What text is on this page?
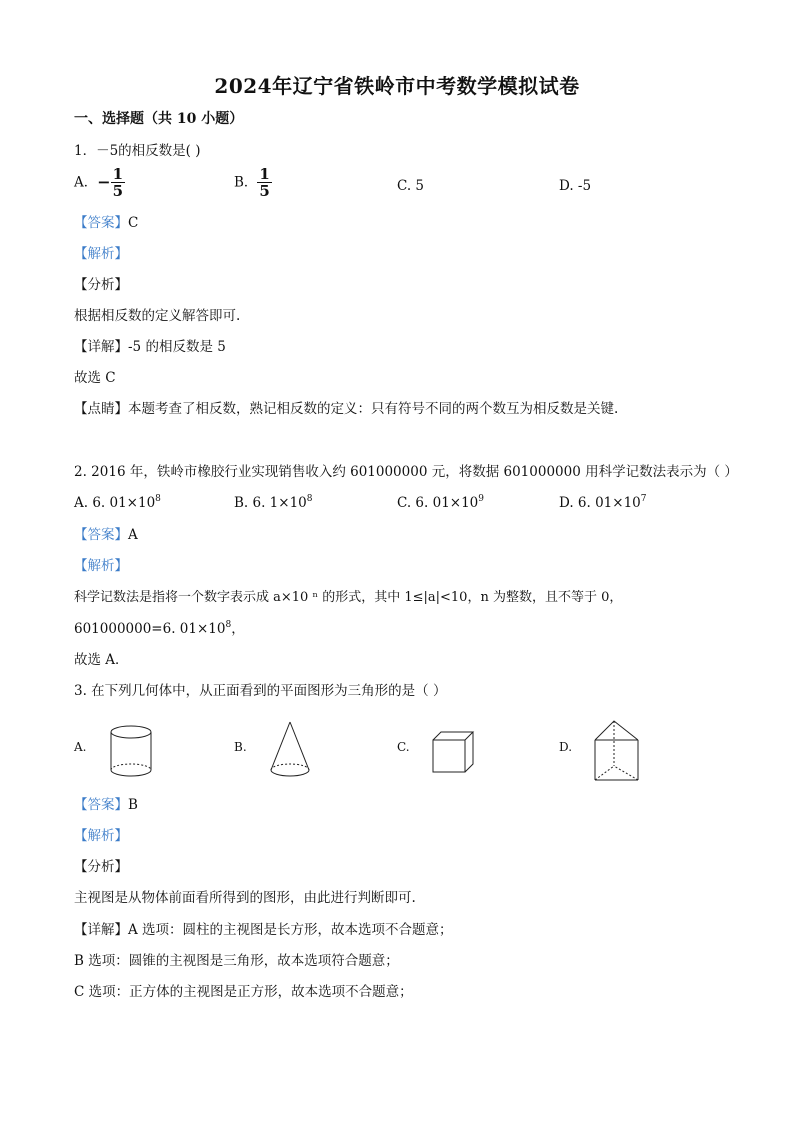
2024年辽宁省铁岭市中考数学模拟试卷
一、选择题（共 10 小题）
1．－5的相反数是( )
A．− $\frac{1}{5}$	B． $\frac{1}{5}$	C. 5	D. -5
【答案】C
【解析】
【分析】
根据相反数的定义解答即可.
【详解】-5 的相反数是 5
故选 C
【点睛】本题考查了相反数，熟记相反数的定义：只有符号不同的两个数互为相反数是关键.
2. 2016 年，铁岭市橡胶行业实现销售收入约 601000000 元，将数据 601000000 用科学记数法表示为（ ）
A. 6. $01\times 10^8$	B. 6. $1\times 10^8$	C. 6. $01\times 10^9$	D. 6. $01\times 10^7$
【答案】A
【解析】
科学记数法是指将一个数字表示成 a×10 ⁿ 的形式，其中 1≤|a|<10，n 为整数，且不等于 0，
601000000=6. $01\times 10^8$，
故选 A．
3. 在下列几何体中，从正面看到的平面图形为三角形的是（ ）
A.	B.	C.	D.
【答案】B
【解析】
【分析】
主视图是从物体前面看所得到的图形，由此进行判断即可.
【详解】A 选项：圆柱的主视图是长方形，故本选项不合题意；
B 选项：圆锥的主视图是三角形，故本选项符合题意；
C 选项：正方体的主视图是正方形，故本选项不合题意；
